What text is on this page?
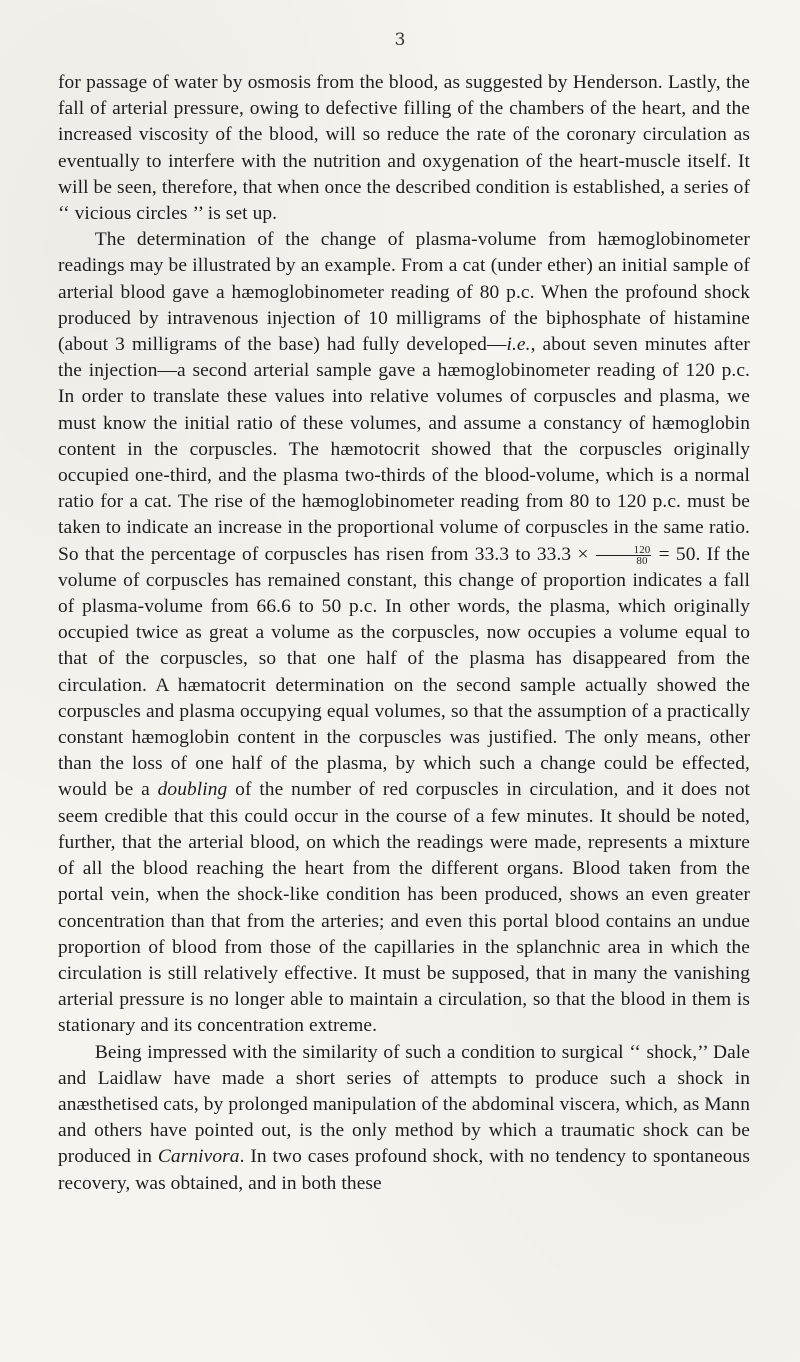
3

for passage of water by osmosis from the blood, as suggested by Henderson. Lastly, the fall of arterial pressure, owing to defective filling of the chambers of the heart, and the increased viscosity of the blood, will so reduce the rate of the coronary circulation as eventually to interfere with the nutrition and oxygenation of the heart-muscle itself. It will be seen, therefore, that when once the described condition is established, a series of ‘‘ vicious circles ’’ is set up.

The determination of the change of plasma-volume from hæmoglobinometer readings may be illustrated by an example. From a cat (under ether) an initial sample of arterial blood gave a hæmoglobinometer reading of 80 p.c. When the profound shock produced by intravenous injection of 10 milligrams of the biphosphate of histamine (about 3 milligrams of the base) had fully developed—i.e., about seven minutes after the injection—a second arterial sample gave a hæmoglobinometer reading of 120 p.c. In order to translate these values into relative volumes of corpuscles and plasma, we must know the initial ratio of these volumes, and assume a constancy of hæmoglobin content in the corpuscles. The hæmotocrit showed that the corpuscles originally occupied one-third, and the plasma two-thirds of the blood-volume, which is a normal ratio for a cat. The rise of the hæmoglobinometer reading from 80 to 120 p.c. must be taken to indicate an increase in the proportional volume of corpuscles in the same ratio. So that the percentage of corpuscles has risen from 33.3 to $33.3 \times \frac{120}{80} = 50$. If the volume of corpuscles has remained constant, this change of proportion indicates a fall of plasma-volume from 66.6 to 50 p.c. In other words, the plasma, which originally occupied twice as great a volume as the corpuscles, now occupies a volume equal to that of the corpuscles, so that one half of the plasma has disappeared from the circulation. A hæmatocrit determination on the second sample actually showed the corpuscles and plasma occupying equal volumes, so that the assumption of a practically constant hæmoglobin content in the corpuscles was justified. The only means, other than the loss of one half of the plasma, by which such a change could be effected, would be a doubling of the number of red corpuscles in circulation, and it does not seem credible that this could occur in the course of a few minutes. It should be noted, further, that the arterial blood, on which the readings were made, represents a mixture of all the blood reaching the heart from the different organs. Blood taken from the portal vein, when the shock-like condition has been produced, shows an even greater concentration than that from the arteries; and even this portal blood contains an undue proportion of blood from those of the capillaries in the splanchnic area in which the circulation is still relatively effective. It must be supposed, that in many the vanishing arterial pressure is no longer able to maintain a circulation, so that the blood in them is stationary and its concentration extreme.

Being impressed with the similarity of such a condition to surgical ‘‘ shock,’’ Dale and Laidlaw have made a short series of attempts to produce such a shock in anæsthetised cats, by prolonged manipulation of the abdominal viscera, which, as Mann and others have pointed out, is the only method by which a traumatic shock can be produced in Carnivora. In two cases profound shock, with no tendency to spontaneous recovery, was obtained, and in both these
